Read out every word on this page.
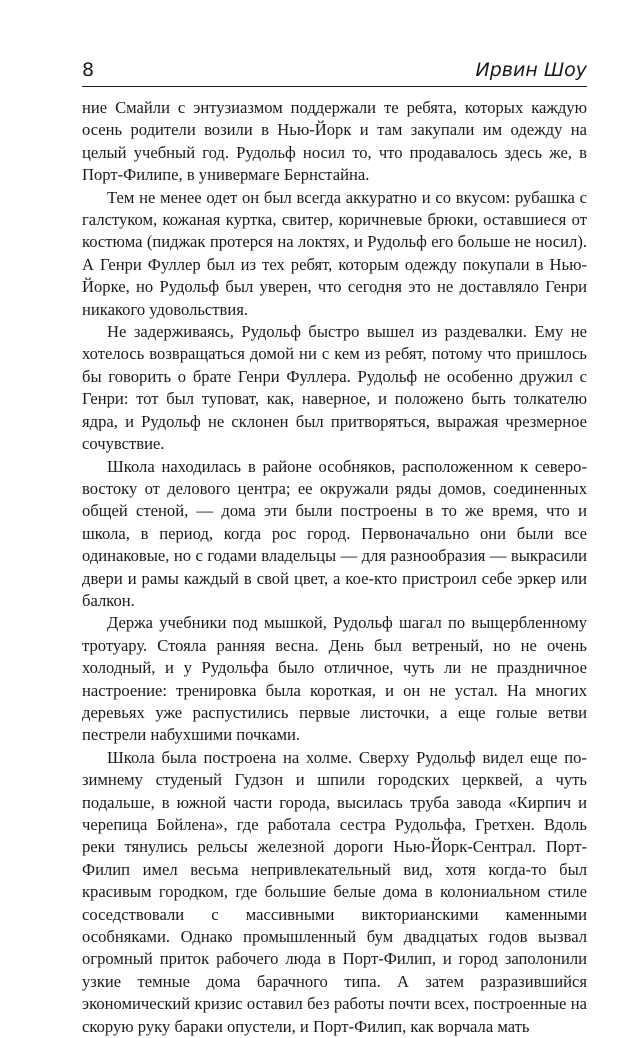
8	Ирвин Шоу

ние Смайли с энтузиазмом поддержали те ребята, которых каждую осень родители возили в Нью-Йорк и там закупали им одежду на целый учебный год. Рудольф носил то, что продавалось здесь же, в Порт-Филипе, в универмаге Бернстайна.

Тем не менее одет он был всегда аккуратно и со вкусом: рубашка с галстуком, кожаная куртка, свитер, коричневые брюки, оставшиеся от костюма (пиджак протерся на локтях, и Рудольф его больше не носил). А Генри Фуллер был из тех ребят, которым одежду покупали в Нью-Йорке, но Рудольф был уверен, что сегодня это не доставляло Генри никакого удовольствия.

Не задерживаясь, Рудольф быстро вышел из раздевалки. Ему не хотелось возвращаться домой ни с кем из ребят, потому что пришлось бы говорить о брате Генри Фуллера. Рудольф не особенно дружил с Генри: тот был туповат, как, наверное, и положено быть толкателю ядра, и Рудольф не склонен был притворяться, выражая чрезмерное сочувствие.

Школа находилась в районе особняков, расположенном к северо-востоку от делового центра; ее окружали ряды домов, соединенных общей стеной, — дома эти были построены в то же время, что и школа, в период, когда рос город. Первоначально они были все одинаковые, но с годами владельцы — для разнообразия — выкрасили двери и рамы каждый в свой цвет, а кое-кто пристроил себе эркер или балкон.

Держа учебники под мышкой, Рудольф шагал по выщербленному тротуару. Стояла ранняя весна. День был ветреный, но не очень холодный, и у Рудольфа было отличное, чуть ли не праздничное настроение: тренировка была короткая, и он не устал. На многих деревьях уже распустились первые листочки, а еще голые ветви пестрели набухшими почками.

Школа была построена на холме. Сверху Рудольф видел еще по-зимнему студеный Гудзон и шпили городских церквей, а чуть подальше, в южной части города, высилась труба завода «Кирпич и черепица Бойлена», где работала сестра Рудольфа, Гретхен. Вдоль реки тянулись рельсы железной дороги Нью-Йорк-Сентрал. Порт-Филип имел весьма непривлекательный вид, хотя когда-то был красивым городком, где большие белые дома в колониальном стиле соседствовали с массивными викторианскими каменными особняками. Однако промышленный бум двадцатых годов вызвал огромный приток рабочего люда в Порт-Филип, и город заполонили узкие темные дома барачного типа. А затем разразившийся экономический кризис оставил без работы почти всех, построенные на скорую руку бараки опустели, и Порт-Филип, как ворчала мать
